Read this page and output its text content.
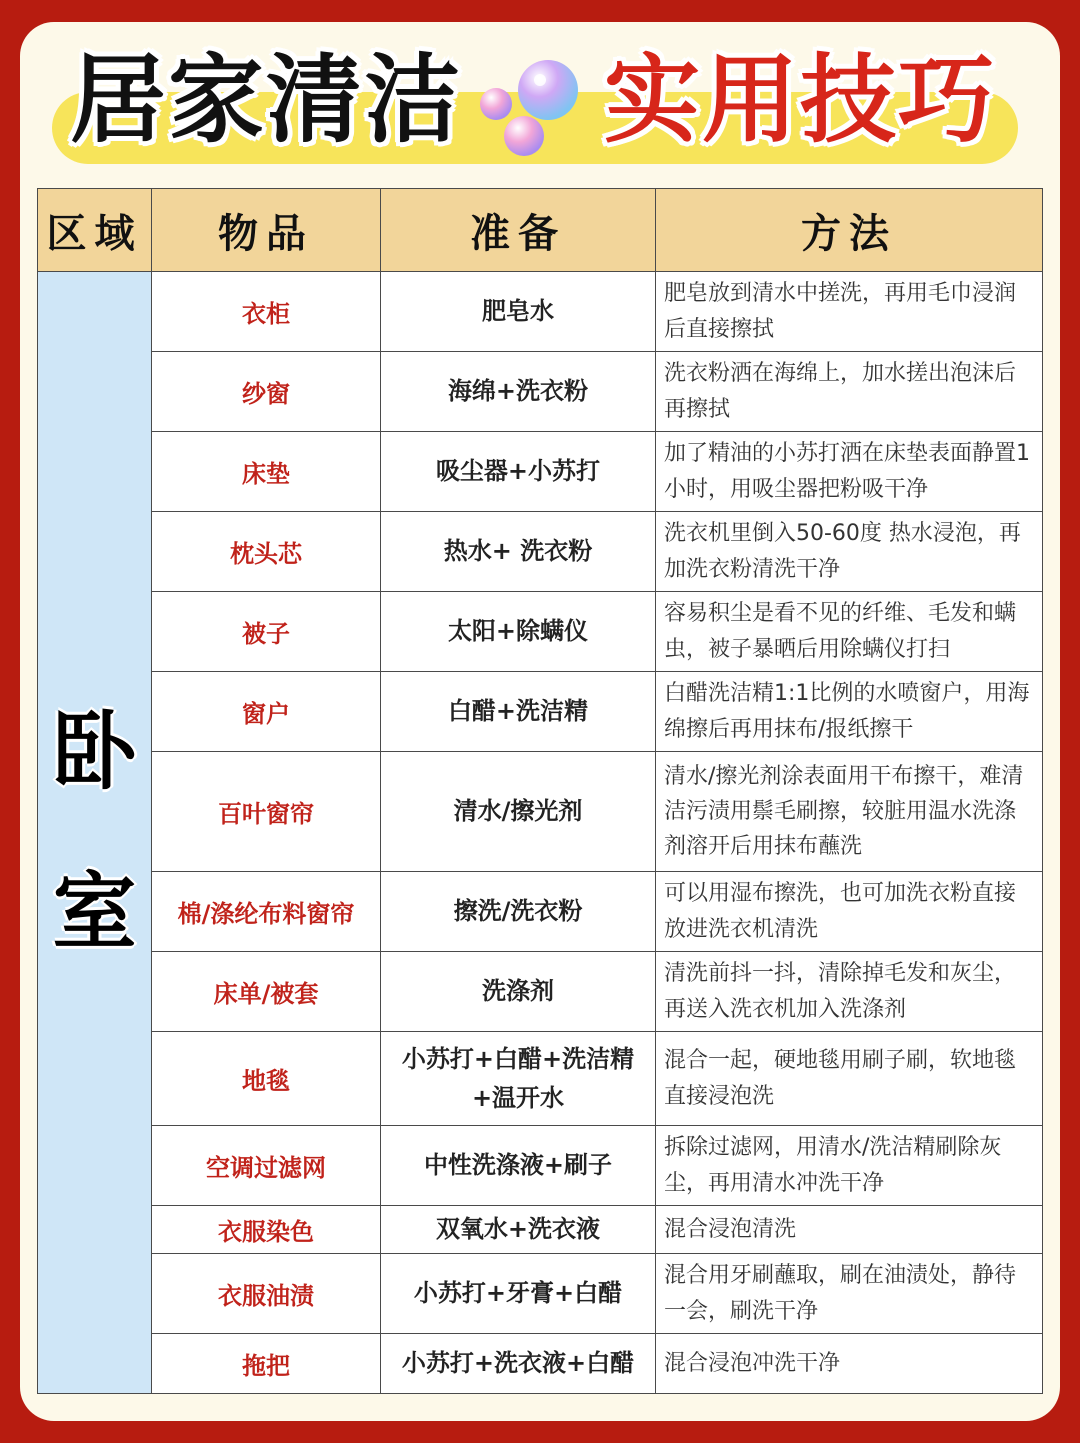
居家清洁 实用技巧
区域	物品	准备	方法
卧室	衣柜	肥皂水	肥皂放到清水中搓洗，再用毛巾浸润后直接擦拭
	纱窗	海绵+洗衣粉	洗衣粉洒在海绵上，加水搓出泡沫后再擦拭
	床垫	吸尘器+小苏打	加了精油的小苏打洒在床垫表面静置1小时，用吸尘器把粉吸干净
	枕头芯	热水+ 洗衣粉	洗衣机里倒入50-60度 热水浸泡，再加洗衣粉清洗干净
	被子	太阳+除螨仪	容易积尘是看不见的纤维、毛发和螨虫，被子暴晒后用除螨仪打扫
	窗户	白醋+洗洁精	白醋洗洁精1:1比例的水喷窗户，用海绵擦后再用抹布/报纸擦干
	百叶窗帘	清水/擦光剂	清水/擦光剂涂表面用干布擦干，难清洁污渍用鬃毛刷擦，较脏用温水洗涤剂溶开后用抹布蘸洗
	棉/涤纶布料窗帘	擦洗/洗衣粉	可以用湿布擦洗，也可加洗衣粉直接放进洗衣机清洗
	床单/被套	洗涤剂	清洗前抖一抖，清除掉毛发和灰尘，再送入洗衣机加入洗涤剂
	地毯	小苏打+白醋+洗洁精+温开水	混合一起，硬地毯用刷子刷，软地毯直接浸泡洗
	空调过滤网	中性洗涤液+刷子	拆除过滤网，用清水/洗洁精刷除灰尘，再用清水冲洗干净
	衣服染色	双氧水+洗衣液	混合浸泡清洗
	衣服油渍	小苏打+牙膏+白醋	混合用牙刷蘸取，刷在油渍处，静待一会，刷洗干净
	拖把	小苏打+洗衣液+白醋	混合浸泡冲洗干净
